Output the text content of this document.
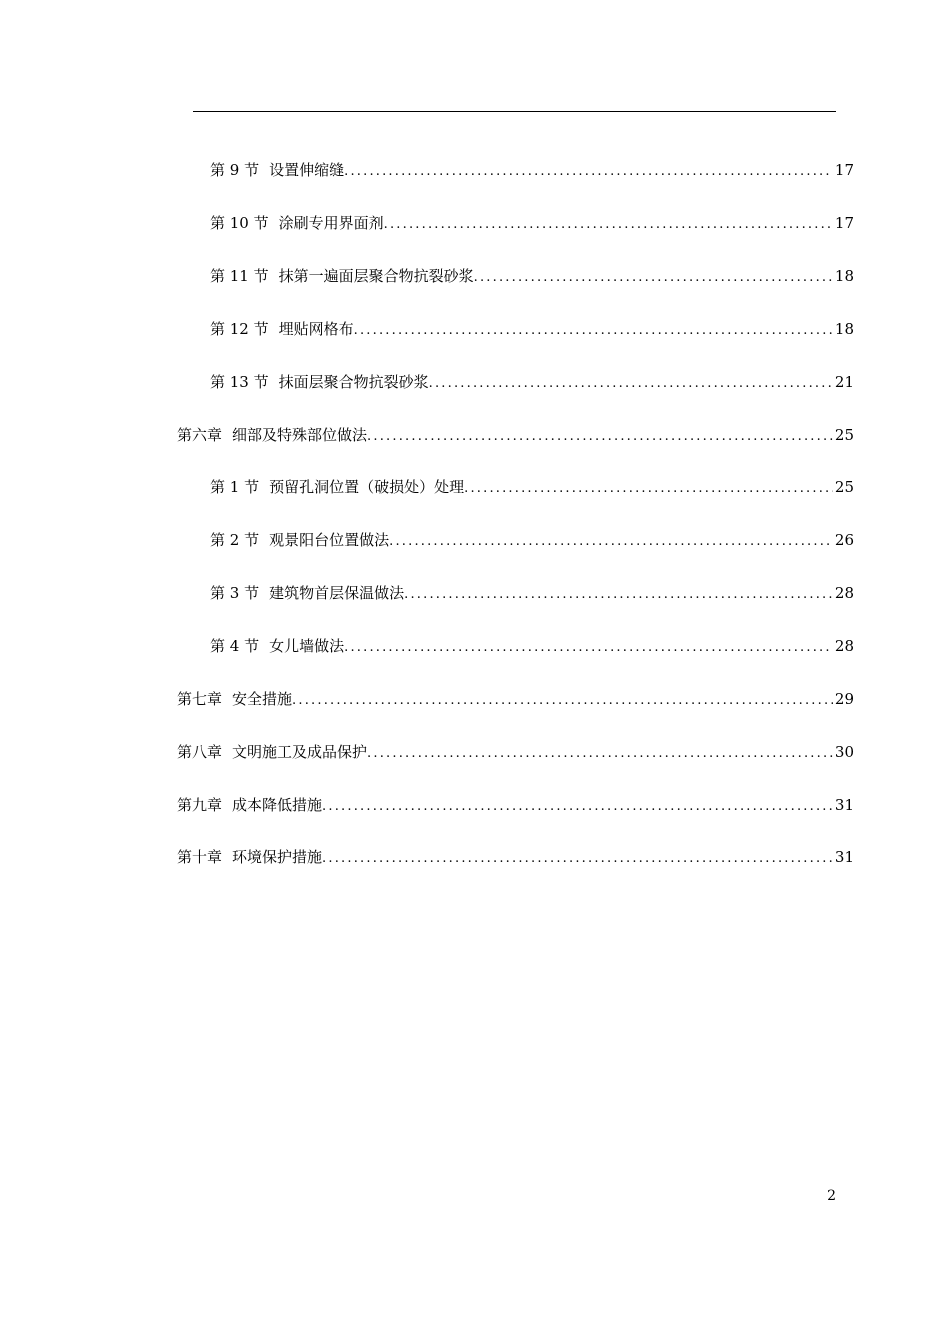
第 9 节 设置伸缩缝 .....	17
第 10 节 涂刷专用界面剂 .....	17
第 11 节 抹第一遍面层聚合物抗裂砂浆 .....	18
第 12 节 埋贴网格布 .....	18
第 13 节 抹面层聚合物抗裂砂浆 .....	21
第六章 细部及特殊部位做法 .....	25
第 1 节 预留孔洞位置（破损处）处理 .....	25
第 2 节 观景阳台位置做法 .....	26
第 3 节 建筑物首层保温做法 .....	28
第 4 节 女儿墙做法 .....	28
第七章 安全措施 .....	29
第八章 文明施工及成品保护 .....	30
第九章 成本降低措施 .....	31
第十章 环境保护措施 .....	31
2
